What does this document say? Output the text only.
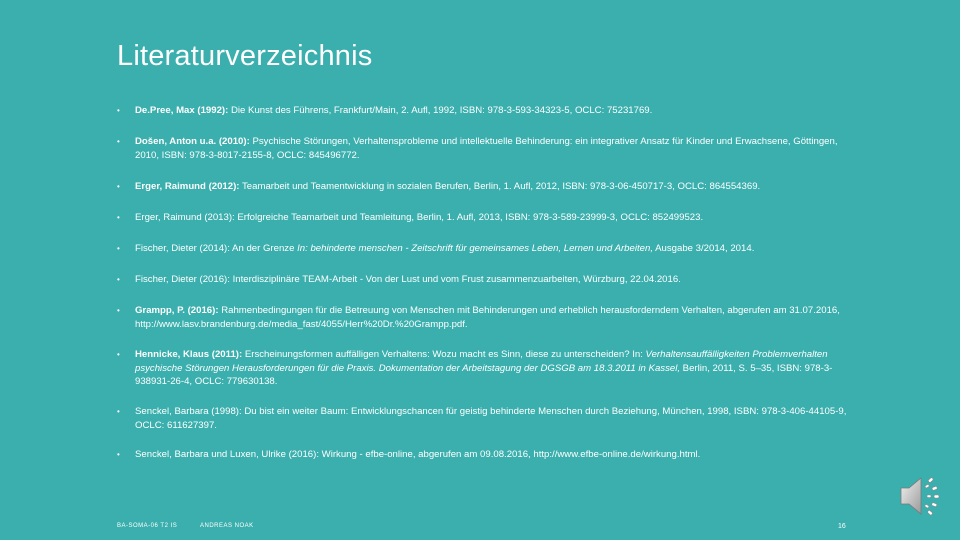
Literaturverzeichnis
• De.Pree, Max (1992): Die Kunst des Führens, Frankfurt/Main, 2. Aufl, 1992, ISBN: 978-3-593-34323-5, OCLC: 75231769.
• Došen, Anton u.a. (2010): Psychische Störungen, Verhaltensprobleme und intellektuelle Behinderung: ein integrativer Ansatz für Kinder und Erwachsene, Göttingen, 2010, ISBN: 978-3-8017-2155-8, OCLC: 845496772.
• Erger, Raimund (2012): Teamarbeit und Teamentwicklung in sozialen Berufen, Berlin, 1. Aufl, 2012, ISBN: 978-3-06-450717-3, OCLC: 864554369.
• Erger, Raimund (2013): Erfolgreiche Teamarbeit und Teamleitung, Berlin, 1. Aufl, 2013, ISBN: 978-3-589-23999-3, OCLC: 852499523.
• Fischer, Dieter (2014): An der Grenze In: behinderte menschen - Zeitschrift für gemeinsames Leben, Lernen und Arbeiten, Ausgabe 3/2014, 2014.
• Fischer, Dieter (2016): Interdisziplinäre TEAM-Arbeit - Von der Lust und vom Frust zusammenzuarbeiten, Würzburg, 22.04.2016.
• Grampp, P. (2016): Rahmenbedingungen für die Betreuung von Menschen mit Behinderungen und erheblich herausforderndem Verhalten, abgerufen am 31.07.2016, http://www.lasv.brandenburg.de/media_fast/4055/Herr%20Dr.%20Grampp.pdf.
• Hennicke, Klaus (2011): Erscheinungsformen auffälligen Verhaltens: Wozu macht es Sinn, diese zu unterscheiden? In: Verhaltensauffälligkeiten Problemverhalten psychische Störungen Herausforderungen für die Praxis. Dokumentation der Arbeitstagung der DGSGB am 18.3.2011 in Kassel, Berlin, 2011, S. 5–35, ISBN: 978-3-938931-26-4, OCLC: 779630138.
• Senckel, Barbara (1998): Du bist ein weiter Baum: Entwicklungschancen für geistig behinderte Menschen durch Beziehung, München, 1998, ISBN: 978-3-406-44105-9, OCLC: 611627397.
• Senckel, Barbara und Luxen, Ulrike (2016): Wirkung - efbe-online, abgerufen am 09.08.2016, http://www.efbe-online.de/wirkung.html.
BA-SOMA-06 T2 IS	ANDREAS NOAK	16
